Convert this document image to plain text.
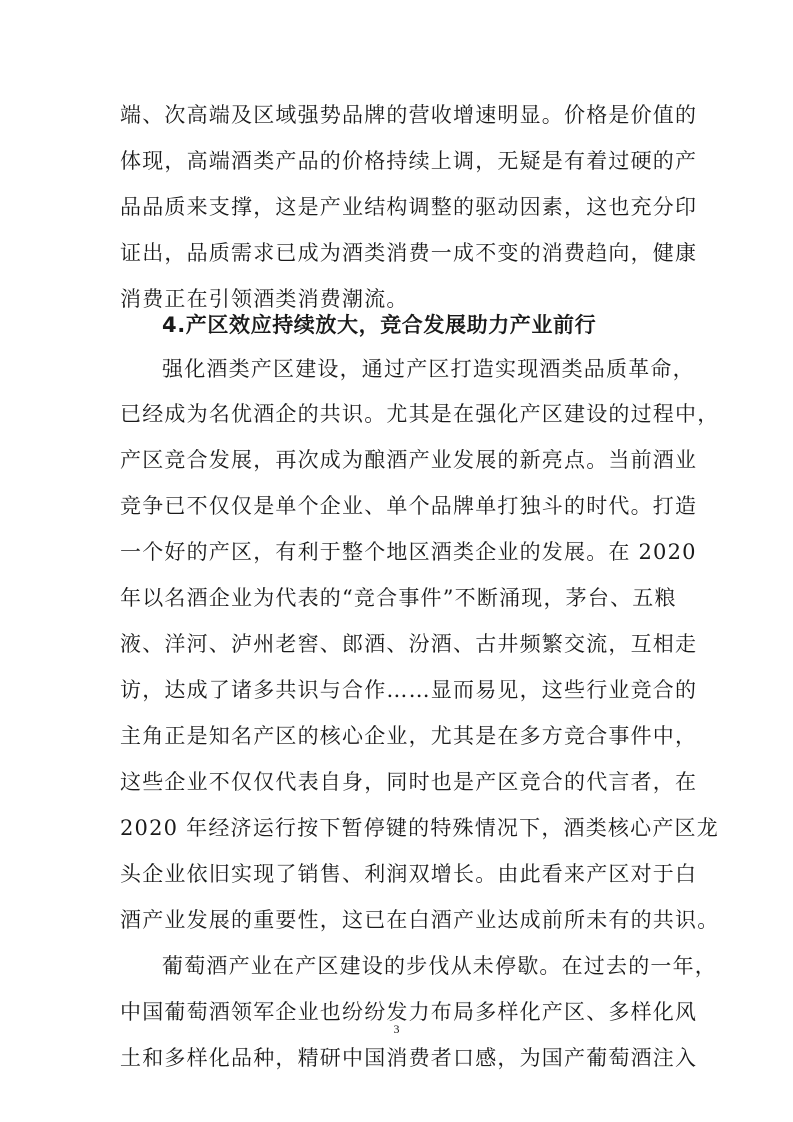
端、次高端及区域强势品牌的营收增速明显。价格是价值的
体现，高端酒类产品的价格持续上调，无疑是有着过硬的产
品品质来支撑，这是产业结构调整的驱动因素，这也充分印
证出，品质需求已成为酒类消费一成不变的消费趋向，健康
消费正在引领酒类消费潮流。
4.产区效应持续放大，竞合发展助力产业前行
强化酒类产区建设，通过产区打造实现酒类品质革命，
已经成为名优酒企的共识。尤其是在强化产区建设的过程中，
产区竞合发展，再次成为酿酒产业发展的新亮点。当前酒业
竞争已不仅仅是单个企业、单个品牌单打独斗的时代。打造
一个好的产区，有利于整个地区酒类企业的发展。在 2020
年以名酒企业为代表的“竞合事件”不断涌现，茅台、五粮
液、洋河、泸州老窖、郎酒、汾酒、古井频繁交流，互相走
访，达成了诸多共识与合作……显而易见，这些行业竞合的
主角正是知名产区的核心企业，尤其是在多方竞合事件中，
这些企业不仅仅代表自身，同时也是产区竞合的代言者，在
2020 年经济运行按下暂停键的特殊情况下，酒类核心产区龙
头企业依旧实现了销售、利润双增长。由此看来产区对于白
酒产业发展的重要性，这已在白酒产业达成前所未有的共识。
葡萄酒产业在产区建设的步伐从未停歇。在过去的一年，
中国葡萄酒领军企业也纷纷发力布局多样化产区、多样化风
土和多样化品种，精研中国消费者口感，为国产葡萄酒注入
3
